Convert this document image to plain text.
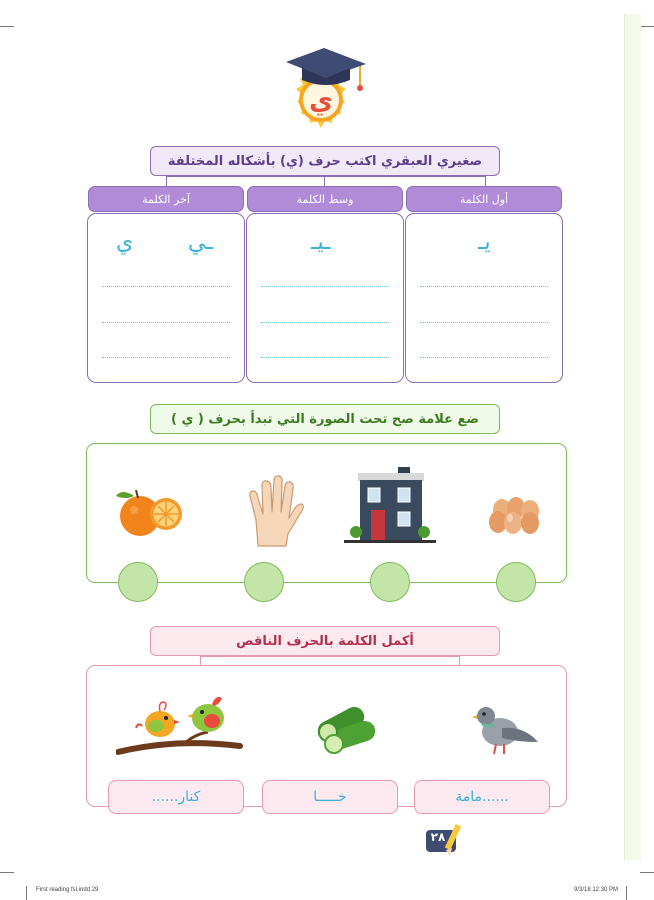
ي
صغيري العبقري اكتب حرف (ي) بأشكاله المختلفة
آخر الكلمة	وسط الكلمة	أول الكلمة
ي ـي	ـيـ	يـ
ضع علامة صح تحت الصورة التي تبدأ بحرف ( ي )
أكمل الكلمة بالحرف الناقص
كنار......	خـــــا	......مامة
٢٨
First reading fsl.indd 29	9/3/18 12:30 PM
